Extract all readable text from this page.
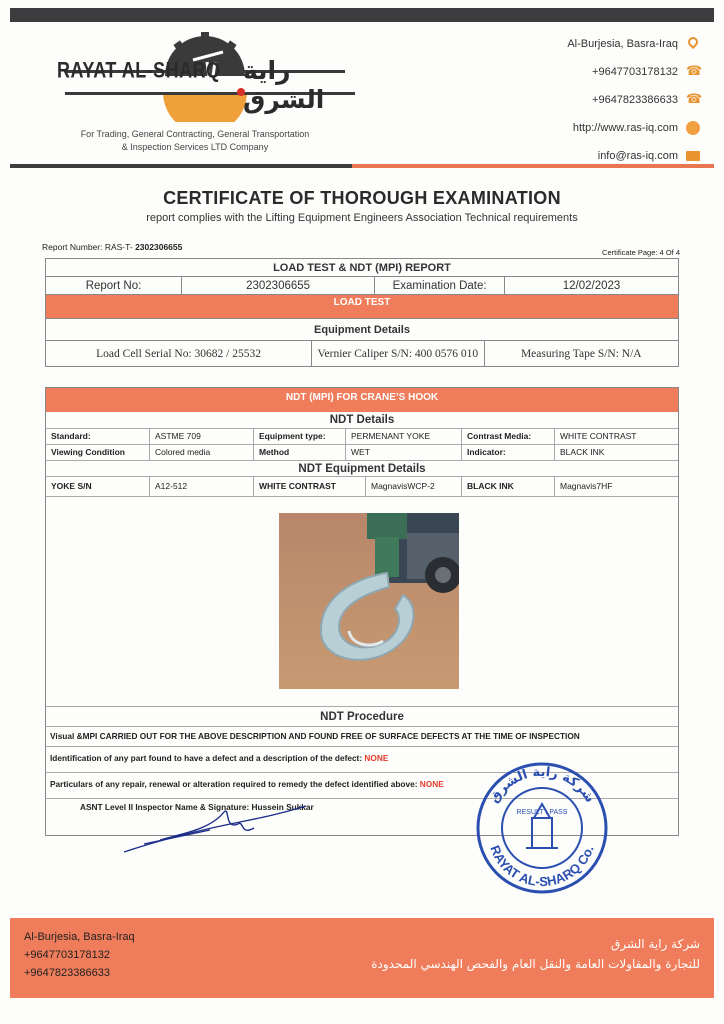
RAYAT AL-SHARQ راية الشرق
For Trading, General Contracting, General Transportation
& Inspection Services LTD Company
Al-Burjesia, Basra-Iraq
+9647703178132 ☎
+9647823386633 ☎
http://www.ras-iq.com
info@ras-iq.com
CERTIFICATE OF THOROUGH EXAMINATION
report complies with the Lifting Equipment Engineers Association Technical requirements
Report Number: RAS-T- 2302306655
Certificate Page: 4 Of 4
LOAD TEST & NDT (MPI) REPORT					
Report No:	2302306655		Examination Date:		12/02/2023
LOAD TEST					
Equipment Details					
Load Cell Serial No: 30682 / 25532		Vernier Caliper S/N: 400 0576 010		Measuring Tape S/N: N/A	
NDT (MPI) FOR CRANE’S HOOK
NDT Details
Standard:	ASTME 709	Equipment type:	PERMENANT YOKE	Contrast Media:	WHITE CONTRAST
Viewing Condition	Colored media	Method	WET	Indicator:	BLACK INK
NDT Equipment Details
YOKE S/N	A12-512	WHITE CONTRAST	MagnavisWCP-2	BLACK INK	Magnavis7HF
NDT Procedure
Visual &MPI CARRIED OUT FOR THE ABOVE DESCRIPTION AND FOUND FREE OF SURFACE DEFECTS AT THE TIME OF INSPECTION
Identification of any part found to have a defect and a description of the defect: NONE
Particulars of any repair, renewal or alteration required to remedy the defect identified above: NONE
ASNT Level II Inspector Name & Signature: Hussein Sukkar
شركة راية الشرق
RAYAT AL-SHARQ Co.
RESULT : PASS
Al-Burjesia, Basra-Iraq
+9647703178132
+9647823386633
شركة راية الشرق
للتجارة والمقاولات العامة والنقل العام والفحص الهندسي المحدودة
